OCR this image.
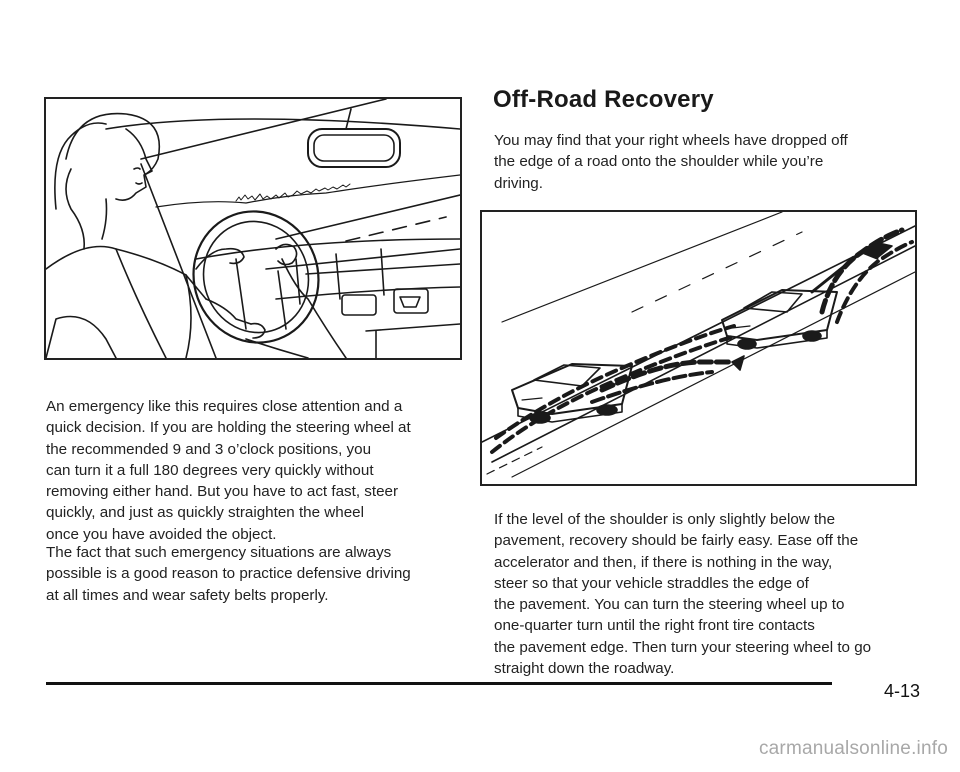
An emergency like this requires close attention and a
quick decision. If you are holding the steering wheel at
the recommended 9 and 3 o’clock positions, you
can turn it a full 180 degrees very quickly without
removing either hand. But you have to act fast, steer
quickly, and just as quickly straighten the wheel
once you have avoided the object.

The fact that such emergency situations are always
possible is a good reason to practice defensive driving
at all times and wear safety belts properly.

Off-Road Recovery

You may find that your right wheels have dropped off
the edge of a road onto the shoulder while you’re
driving.

If the level of the shoulder is only slightly below the
pavement, recovery should be fairly easy. Ease off the
accelerator and then, if there is nothing in the way,
steer so that your vehicle straddles the edge of
the pavement. You can turn the steering wheel up to
one-quarter turn until the right front tire contacts
the pavement edge. Then turn your steering wheel to go
straight down the roadway.

4-13

carmanualsonline.info
